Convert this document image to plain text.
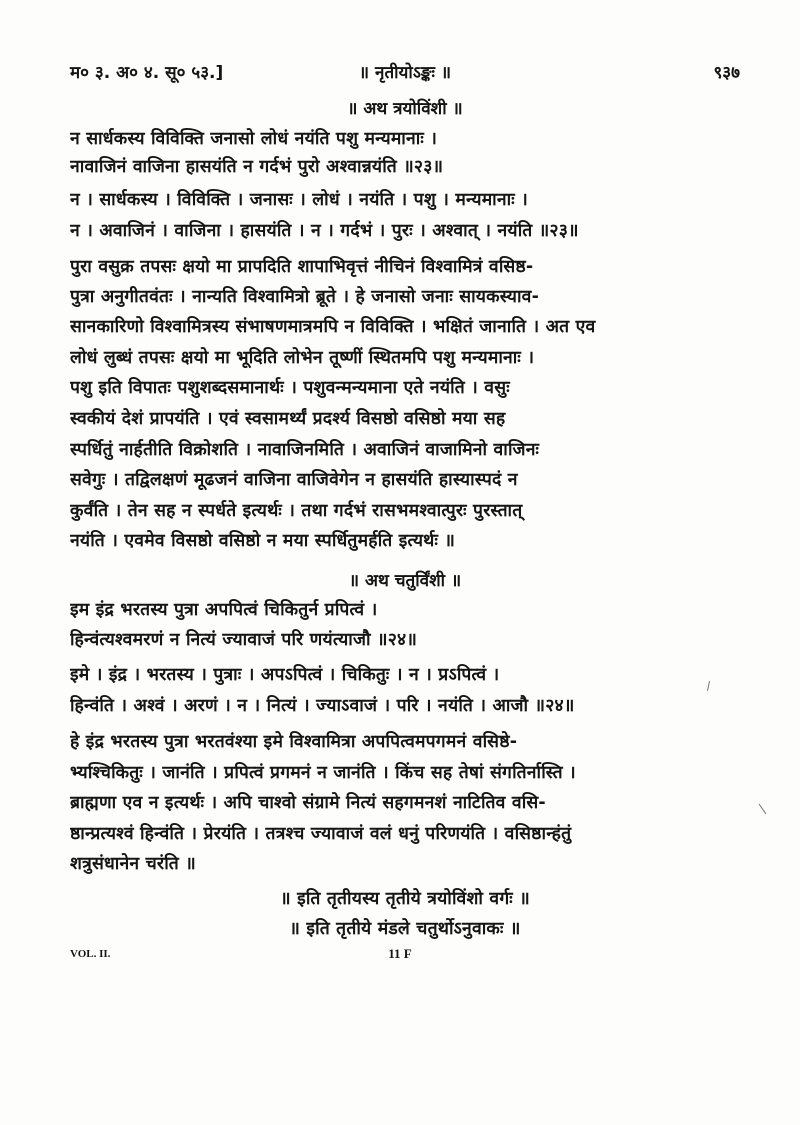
म० ३. अ० ४. सू० ५३.]	॥ नृतीयोऽङ्कः ॥	९३७
॥ अथ त्रयोविंशी ॥
न सार्धकस्य विविक्ति जनासो लोधं नयंति पशु मन्यमानाः ।
नावाजिनं वाजिना हासयंति न गर्दभं पुरो अश्वान्नयंति ॥२३॥
न । सार्धकस्य । विविक्ति । जनासः । लोधं । नयंति । पशु । मन्यमानाः ।
न । अवाजिनं । वाजिना । हासयंति । न । गर्दभं । पुरः । अश्वात् । नयंति ॥२३॥
पुरा वसुक्र तपसः क्षयो मा प्रापदिति शापाभिवृत्तं नीचिनं विश्वामित्रं वसिष्ठ-
पुत्रा अनुगीतवंतः । नान्यति विश्वामित्रो ब्रूते । हे जनासो जनाः सायकस्याव-
सानकारिणो विश्वामित्रस्य संभाषणमात्रमपि न विविक्ति । भक्षितं जानाति । अत एव
लोधं लुब्धं तपसः क्षयो मा भूदिति लोभेन तूष्णीं स्थितमपि पशु मन्यमानाः ।
पशु इति विपातः पशुशब्दसमानार्थः । पशुवन्मन्यमाना एते नयंति । वसुः
स्वकीयं देशं प्रापयंति । एवं स्वसामर्थ्यं प्रदर्श्य विसष्ठो वसिष्ठो मया सह
स्पर्धितुं नार्हतीति विक्रोशति । नावाजिनमिति । अवाजिनं वाजामिनो वाजिनः
सवेगुः । तद्विलक्षणं मूढजनं वाजिना वाजिवेगेन न हासयंति हास्यास्पदं न
कुर्वंति । तेन सह न स्पर्धते इत्यर्थः । तथा गर्दभं रासभमश्वात्पुरः पुरस्तात्
नयंति । एवमेव विसष्ठो वसिष्ठो न मया स्पर्धितुमर्हति इत्यर्थः ॥
॥ अथ चतुर्विंशी ॥
इम इंद्र भरतस्य पुत्रा अपपित्वं चिकितुर्न प्रपित्वं ।
हिन्वंत्यश्वमरणं न नित्यं ज्यावाजं परि णयंत्याजौ ॥२४॥
इमे । इंद्र । भरतस्य । पुत्राः । अपऽपित्वं । चिकितुः । न । प्रऽपित्वं ।
हिन्वंति । अश्वं । अरणं । न । नित्यं । ज्याऽवाजं । परि । नयंति । आजौ ॥२४॥
हे इंद्र भरतस्य पुत्रा भरतवंश्या इमे विश्वामित्रा अपपित्वमपगमनं वसिष्ठे-
भ्यश्चिकितुः । जानंति । प्रपित्वं प्रगमनं न जानंति । किंच सह तेषां संगतिर्नास्ति ।
ब्राह्मणा एव न इत्यर्थः । अपि चाश्वो संग्रामे नित्यं सहगमनशं नाटितिव वसि-
ष्ठान्प्रत्यश्वं हिन्वंति । प्रेरयंति । तत्रश्च ज्यावाजं वलं धनुं परिणयंति । वसिष्ठान्हंतुं
शत्रुसंधानेन चरंति ॥
॥ इति तृतीयस्य तृतीये त्रयोविंशो वर्गः ॥
॥ इति तृतीये मंडले चतुर्थोऽनुवाकः ॥
VOL. II.	11 F
